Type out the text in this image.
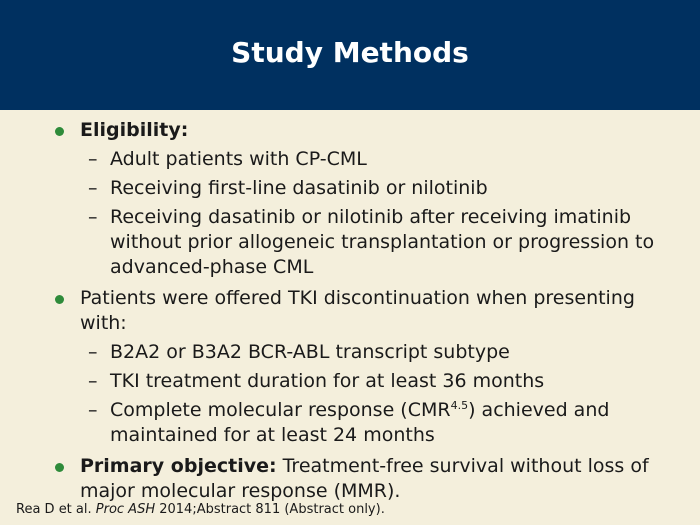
Study Methods
Eligibility:
– Adult patients with CP-CML
– Receiving first-line dasatinib or nilotinib
– Receiving dasatinib or nilotinib after receiving imatinib without prior allogeneic transplantation or progression to advanced-phase CML
Patients were offered TKI discontinuation when presenting with:
– B2A2 or B3A2 BCR-ABL transcript subtype
– TKI treatment duration for at least 36 months
– Complete molecular response $(CMR^{4.5})$ achieved and maintained for at least 24 months
Primary objective: Treatment-free survival without loss of major molecular response (MMR).
Rea D et al. Proc ASH 2014;Abstract 811 (Abstract only).
